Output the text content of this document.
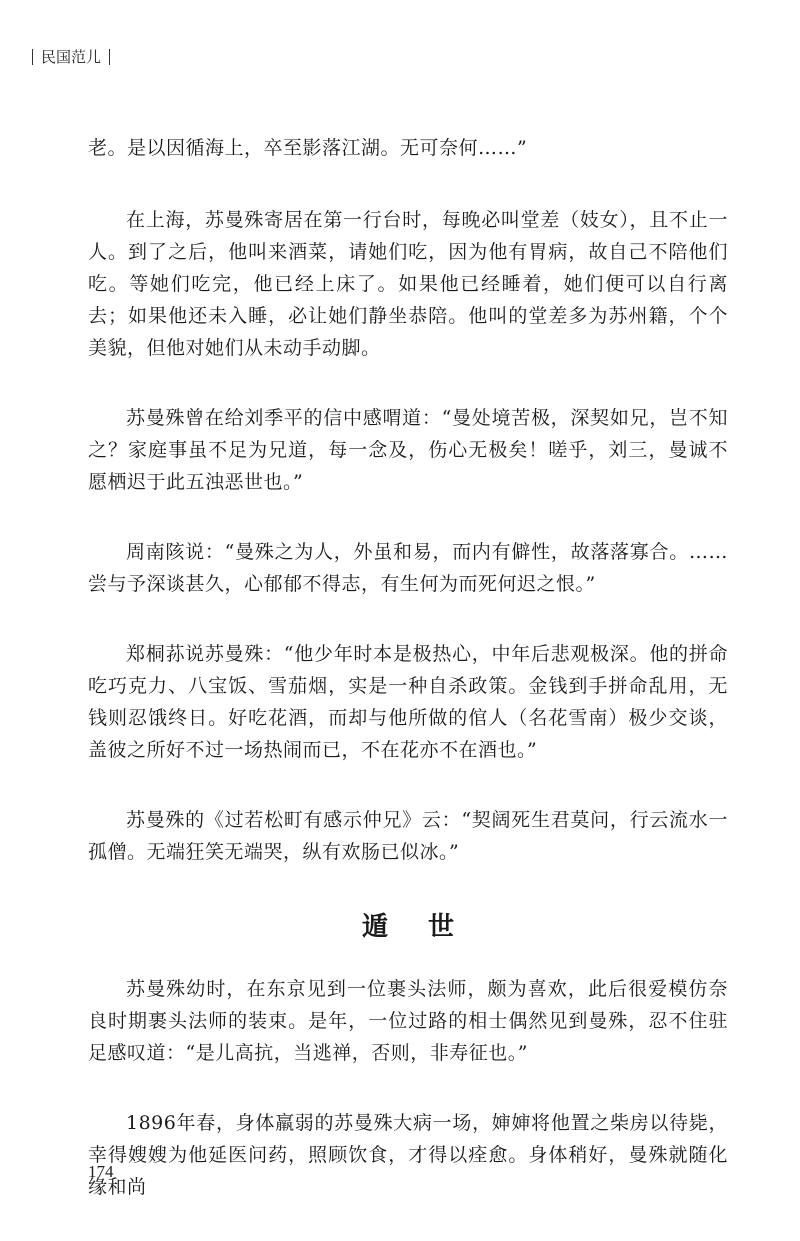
民国范儿

老。是以因循海上，卒至影落江湖。无可奈何……”

在上海，苏曼殊寄居在第一行台时，每晚必叫堂差（妓女），且不止一人。到了之后，他叫来酒菜，请她们吃，因为他有胃病，故自己不陪他们吃。等她们吃完，他已经上床了。如果他已经睡着，她们便可以自行离去；如果他还未入睡，必让她们静坐恭陪。他叫的堂差多为苏州籍，个个美貌，但他对她们从未动手动脚。

苏曼殊曾在给刘季平的信中感喟道：“曼处境苦极，深契如兄，岂不知之？家庭事虽不足为兄道，每一念及，伤心无极矣！嗟乎，刘三，曼诚不愿栖迟于此五浊恶世也。”

周南陔说：“曼殊之为人，外虽和易，而内有僻性，故落落寡合。……尝与予深谈甚久，心郁郁不得志，有生何为而死何迟之恨。”

郑桐荪说苏曼殊：“他少年时本是极热心，中年后悲观极深。他的拼命吃巧克力、八宝饭、雪茄烟，实是一种自杀政策。金钱到手拼命乱用，无钱则忍饿终日。好吃花酒，而却与他所做的倌人（名花雪南）极少交谈，盖彼之所好不过一场热闹而已，不在花亦不在酒也。”

苏曼殊的《过若松町有感示仲兄》云：“契阔死生君莫问，行云流水一孤僧。无端狂笑无端哭，纵有欢肠已似冰。”

遁世

苏曼殊幼时，在东京见到一位裹头法师，颇为喜欢，此后很爱模仿奈良时期裹头法师的装束。是年，一位过路的相士偶然见到曼殊，忍不住驻足感叹道：“是儿高抗，当逃禅，否则，非寿征也。”

1896年春，身体羸弱的苏曼殊大病一场，婶婶将他置之柴房以待毙，幸得嫂嫂为他延医问药，照顾饮食，才得以痊愈。身体稍好，曼殊就随化缘和尚

174
